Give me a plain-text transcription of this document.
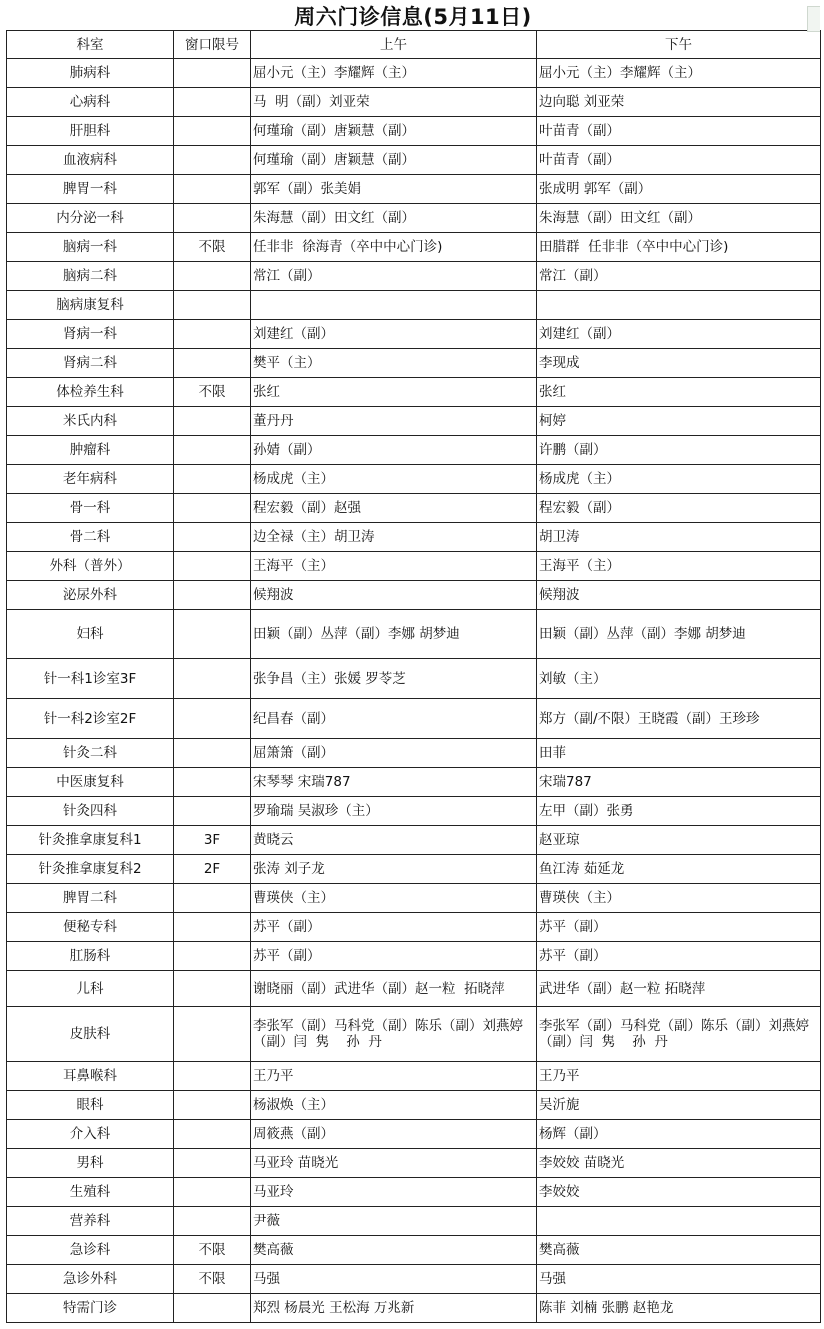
周六门诊信息(5月11日)
科室	窗口限号	上午	下午
肺病科		屈小元（主）李耀辉（主）	屈小元（主）李耀辉（主）
心病科		马  明（副）刘亚荣	边向聪 刘亚荣
肝胆科		何瑾瑜（副）唐颖慧（副）	叶苗青（副）
血液病科		何瑾瑜（副）唐颖慧（副）	叶苗青（副）
脾胃一科		郭军（副）张美娟	张成明 郭军（副）
内分泌一科		朱海慧（副）田文红（副）	朱海慧（副）田文红（副）
脑病一科	不限	任非非  徐海青（卒中中心门诊)	田腊群  任非非（卒中中心门诊)
脑病二科		常江（副）	常江（副）
脑病康复科			
肾病一科		刘建红（副）	刘建红（副）
肾病二科		樊平（主）	李现成
体检养生科	不限	张红	张红
米氏内科		董丹丹	柯婷
肿瘤科		孙婧（副）	许鹏（副）
老年病科		杨成虎（主）	杨成虎（主）
骨一科		程宏毅（副）赵强	程宏毅（副）
骨二科		边全禄（主）胡卫涛	胡卫涛
外科（普外）		王海平（主）	王海平（主）
泌尿外科		候翔波	候翔波
妇科		田颖（副）丛萍（副）李娜 胡梦迪	田颖（副）丛萍（副）李娜 胡梦迪
针一科1诊室3F		张争昌（主）张媛 罗苓芝	刘敏（主）
针一科2诊室2F		纪昌春（副）	郑方（副/不限）王晓霞（副）王珍珍
针灸二科		屈箫箫（副）	田菲
中医康复科		宋琴琴 宋瑞787	宋瑞787
针灸四科		罗瑜瑞 吴淑珍（主）	左甲（副）张勇
针灸推拿康复科1	3F	黄晓云	赵亚琼
针灸推拿康复科2	2F	张涛 刘子龙	鱼江涛 茹延龙
脾胃二科		曹瑛侠（主）	曹瑛侠（主）
便秘专科		苏平（副）	苏平（副）
肛肠科		苏平（副）	苏平（副）
儿科		谢晓丽（副）武进华（副）赵一粒  拓晓萍	武进华（副）赵一粒 拓晓萍
皮肤科		李张军（副）马科党（副）陈乐（副）刘燕婷（副）闫  隽    孙  丹	李张军（副）马科党（副）陈乐（副）刘燕婷（副）闫  隽    孙  丹
耳鼻喉科		王乃平	王乃平
眼科		杨淑焕（主）	吴沂旎
介入科		周筱燕（副）	杨辉（副）
男科		马亚玲 苗晓光	李姣姣 苗晓光
生殖科		马亚玲	李姣姣
营养科		尹薇	
急诊科	不限	樊高薇	樊高薇
急诊外科	不限	马强	马强
特需门诊		郑烈 杨晨光 王松海 万兆新	陈菲 刘楠 张鹏 赵艳龙
